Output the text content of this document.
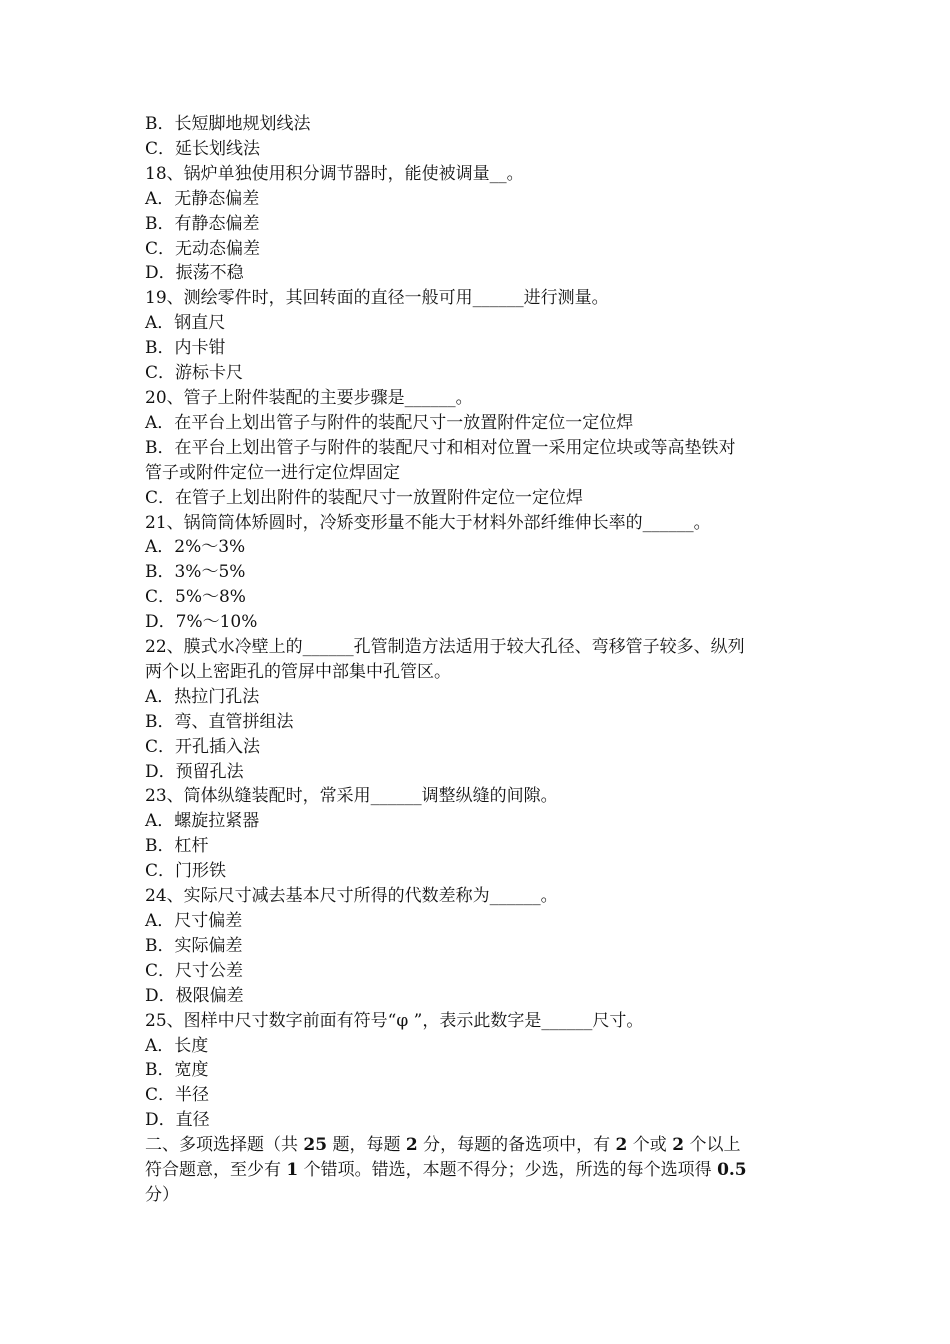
B．长短脚地规划线法
C．延长划线法
18、锅炉单独使用积分调节器时，能使被调量__。
A．无静态偏差
B．有静态偏差
C．无动态偏差
D．振荡不稳
19、测绘零件时，其回转面的直径一般可用______进行测量。
A．钢直尺
B．内卡钳
C．游标卡尺
20、管子上附件装配的主要步骤是______。
A．在平台上划出管子与附件的装配尺寸一放置附件定位一定位焊
B．在平台上划出管子与附件的装配尺寸和相对位置一采用定位块或等高垫铁对
管子或附件定位一进行定位焊固定
C．在管子上划出附件的装配尺寸一放置附件定位一定位焊
21、锅筒筒体矫圆时，冷矫变形量不能大于材料外部纤维伸长率的______。
A．2%～3%
B．3%～5%
C．5%～8%
D．7%～10%
22、膜式水冷壁上的______孔管制造方法适用于较大孔径、弯移管子较多、纵列
两个以上密距孔的管屏中部集中孔管区。
A．热拉门孔法
B．弯、直管拼组法
C．开孔插入法
D．预留孔法
23、筒体纵缝装配时，常采用______调整纵缝的间隙。
A．螺旋拉紧器
B．杠杆
C．门形铁
24、实际尺寸减去基本尺寸所得的代数差称为______。
A．尺寸偏差
B．实际偏差
C．尺寸公差
D．极限偏差
25、图样中尺寸数字前面有符号“φ ”，表示此数字是______尺寸。
A．长度
B．宽度
C．半径
D．直径
二、多项选择题（共 25 题，每题 2 分，每题的备选项中，有 2 个或 2 个以上
符合题意，至少有 1 个错项。错选，本题不得分；少选，所选的每个选项得 0.5
分）
